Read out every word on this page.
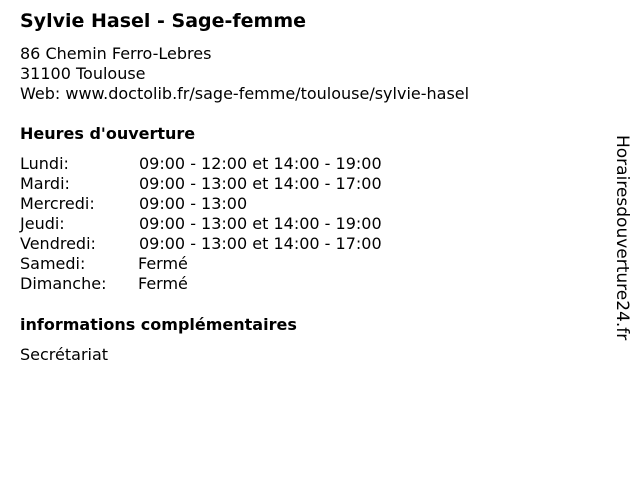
Sylvie Hasel - Sage-femme
86 Chemin Ferro-Lebres
31100 Toulouse
Web: www.doctolib.fr/sage-femme/toulouse/sylvie-hasel
Heures d'ouverture
Lundi:	09:00 - 12:00 et 14:00 - 19:00
Mardi:	09:00 - 13:00 et 14:00 - 17:00
Mercredi:	09:00 - 13:00
Jeudi:	09:00 - 13:00 et 14:00 - 19:00
Vendredi:	09:00 - 13:00 et 14:00 - 17:00
Samedi:	Fermé
Dimanche: Fermé
informations complémentaires
Secrétariat
Horairesdouverture24.fr
